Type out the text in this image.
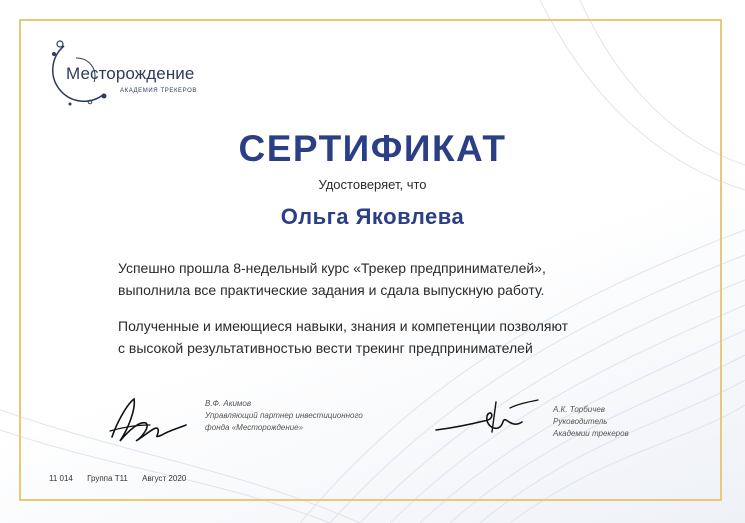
Месторождение
АКАДЕМИЯ ТРЕКЕРОВ
СЕРТИФИКАТ
Удостоверяет, что
Ольга Яковлева
Успешно прошла 8-недельный курс «Трекер предпринимателей»,
выполнила все практические задания и сдала выпускную работу.
Полученные и имеющиеся навыки, знания и компетенции позволяют
с высокой результативностью вести трекинг предпринимателей
В.Ф. Акимов
Управляющий партнер инвестиционного
фонда «Месторождение»
А.К. Торбичев
Руководитель
Академии трекеров
11 014 Группа Т11 Август 2020
